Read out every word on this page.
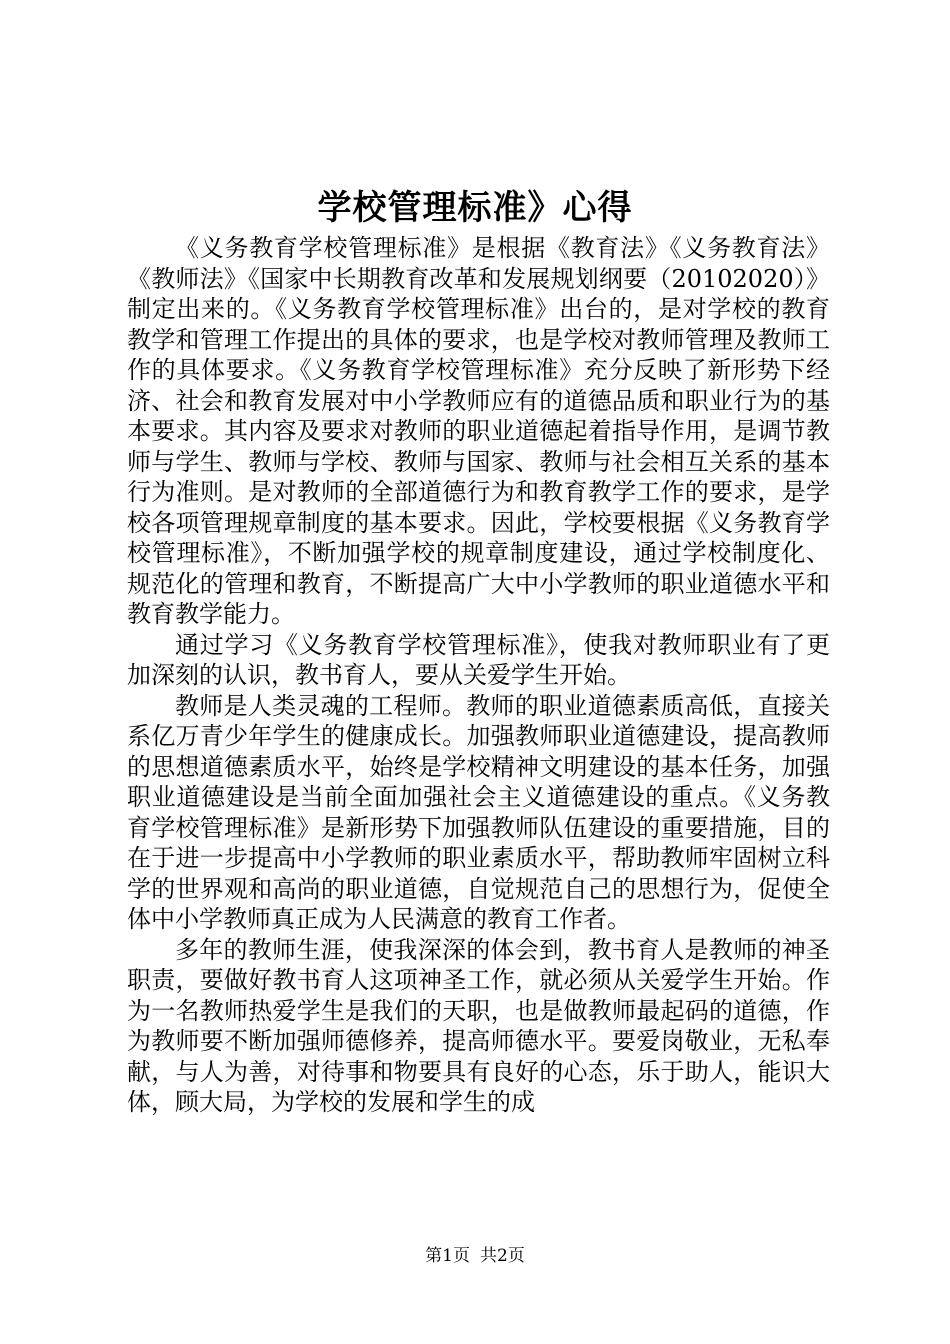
学校管理标准》心得

《义务教育学校管理标准》是根据《教育法》《义务教育法》《教师法》《国家中长期教育改革和发展规划纲要（20102020）》制定出来的。《义务教育学校管理标准》出台的，是对学校的教育教学和管理工作提出的具体的要求，也是学校对教师管理及教师工作的具体要求。《义务教育学校管理标准》充分反映了新形势下经济、社会和教育发展对中小学教师应有的道德品质和职业行为的基本要求。其内容及要求对教师的职业道德起着指导作用，是调节教师与学生、教师与学校、教师与国家、教师与社会相互关系的基本行为准则。是对教师的全部道德行为和教育教学工作的要求，是学校各项管理规章制度的基本要求。因此，学校要根据《义务教育学校管理标准》，不断加强学校的规章制度建设，通过学校制度化、规范化的管理和教育，不断提高广大中小学教师的职业道德水平和教育教学能力。

通过学习《义务教育学校管理标准》，使我对教师职业有了更加深刻的认识，教书育人，要从关爱学生开始。

教师是人类灵魂的工程师。教师的职业道德素质高低，直接关系亿万青少年学生的健康成长。加强教师职业道德建设，提高教师的思想道德素质水平，始终是学校精神文明建设的基本任务，加强职业道德建设是当前全面加强社会主义道德建设的重点。《义务教育学校管理标准》是新形势下加强教师队伍建设的重要措施，目的在于进一步提高中小学教师的职业素质水平，帮助教师牢固树立科学的世界观和高尚的职业道德，自觉规范自己的思想行为，促使全体中小学教师真正成为人民满意的教育工作者。

多年的教师生涯，使我深深的体会到，教书育人是教师的神圣职责，要做好教书育人这项神圣工作，就必须从关爱学生开始。作为一名教师热爱学生是我们的天职，也是做教师最起码的道德，作为教师要不断加强师德修养，提高师德水平。要爱岗敬业，无私奉献，与人为善，对待事和物要具有良好的心态，乐于助人，能识大体，顾大局，为学校的发展和学生的成

第1页 共2页
